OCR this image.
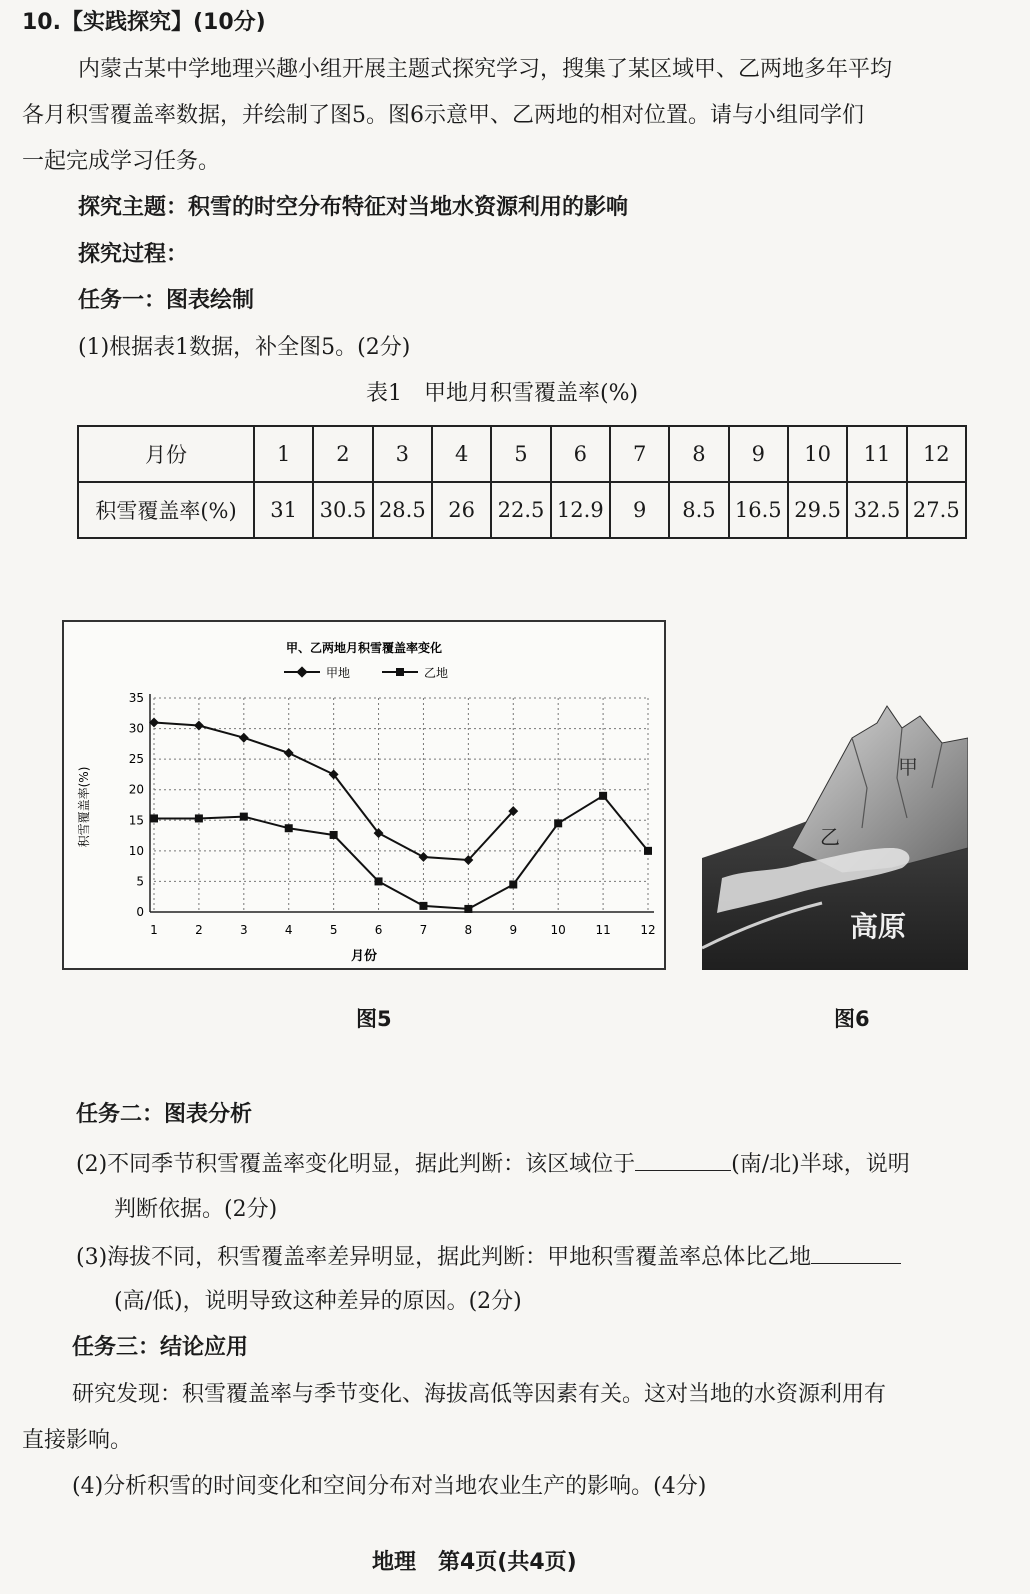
10.【实践探究】(10分)
内蒙古某中学地理兴趣小组开展主题式探究学习，搜集了某区域甲、乙两地多年平均
各月积雪覆盖率数据，并绘制了图5。图6示意甲、乙两地的相对位置。请与小组同学们
一起完成学习任务。
探究主题：积雪的时空分布特征对当地水资源利用的影响
探究过程：
任务一：图表绘制
(1)根据表1数据，补全图5。(2分)
表1　甲地月积雪覆盖率(%)
月份	1	2	3	4	5	6	7	8	9	10	11	12
积雪覆盖率(%)	31	30.5	28.5	26	22.5	12.9	9	8.5	16.5	29.5	32.5	27.5
0
5
10
15
20
25
30
35
1	2	3	4	5	6	7	8	9	10 11 12
甲、乙两地月积雪覆盖率变化
甲地	乙地
月份
积雪覆盖率(%)	甲
乙
高原
图5	图6
任务二：图表分析
(2)不同季节积雪覆盖率变化明显，据此判断：该区域位于	(南/北)半球，说明
判断依据。(2分)
(3)海拔不同，积雪覆盖率差异明显，据此判断：甲地积雪覆盖率总体比乙地
(高/低)，说明导致这种差异的原因。(2分)
任务三：结论应用
研究发现：积雪覆盖率与季节变化、海拔高低等因素有关。这对当地的水资源利用有
直接影响。
(4)分析积雪的时间变化和空间分布对当地农业生产的影响。(4分)
地理　第4页(共4页)
